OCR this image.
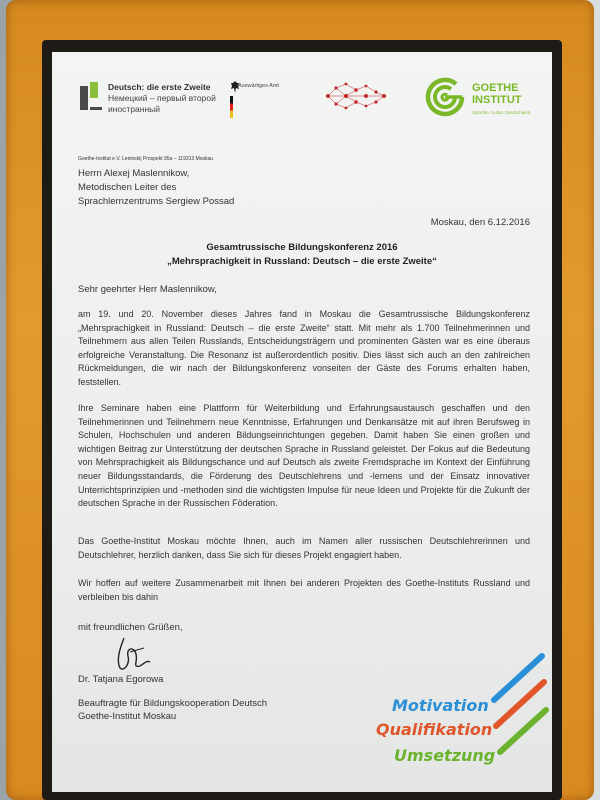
Deutsch: die erste Zweite
Немецкий – первый второй
иностранный
Auswärtiges Amt	GOETHE
INSTITUT
Sprache. Kultur. Deutschland.
Goethe-Institut e.V. Leninskij Prospekt 95a – 119313 Moskau
Herrn Alexej Maslennikow,
Metodischen Leiter des
Sprachlernzentrums Sergiew Possad
Moskau, den 6.12.2016
Gesamtrussische Bildungskonferenz 2016
„Mehrsprachigkeit in Russland: Deutsch – die erste Zweite“
Sehr geehrter Herr Maslennikow,
am 19. und 20. November dieses Jahres fand in Moskau die Gesamtrussische Bildungskonferenz „Mehrsprachigkeit in Russland: Deutsch – die erste Zweite“ statt. Mit mehr als 1.700 Teilnehmerinnen und Teilnehmern aus allen Teilen Russlands, Entscheidungsträgern und prominenten Gästen war es eine überaus erfolgreiche Veranstaltung. Die Resonanz ist außerordentlich positiv. Dies lässt sich auch an den zahlreichen Rückmeldungen, die wir nach der Bildungskonferenz vonseiten der Gäste des Forums erhalten haben, feststellen.
Ihre Seminare haben eine Plattform für Weiterbildung und Erfahrungsaustausch geschaffen und den Teilnehmerinnen und Teilnehmern neue Kenntnisse, Erfahrungen und Denkansätze mit auf ihren Berufsweg in Schulen, Hochschulen und anderen Bildungseinrichtungen gegeben. Damit haben Sie einen großen und wichtigen Beitrag zur Unterstützung der deutschen Sprache in Russland geleistet. Der Fokus auf die Bedeutung von Mehrsprachigkeit als Bildungschance und auf Deutsch als zweite Fremdsprache im Kontext der Einführung neuer Bildungsstandards, die Förderung des Deutschlehrens und -lernens und der Einsatz innovativer Unterrichtsprinzipien und -methoden sind die wichtigsten Impulse für neue Ideen und Projekte für die Zukunft der deutschen Sprache in der Russischen Föderation.
Das Goethe-Institut Moskau möchte Ihnen, auch im Namen aller russischen Deutschlehrerinnen und Deutschlehrer, herzlich danken, dass Sie sich für dieses Projekt engagiert haben.
Wir hoffen auf weitere Zusammenarbeit mit Ihnen bei anderen Projekten des Goethe-Instituts Russland und verbleiben bis dahin
mit freundlichen Grüßen,
Dr. Tatjana Egorowa
Beauftragte für Bildungskooperation Deutsch
Goethe-Institut Moskau
Motivation
Qualifikation
Umsetzung
